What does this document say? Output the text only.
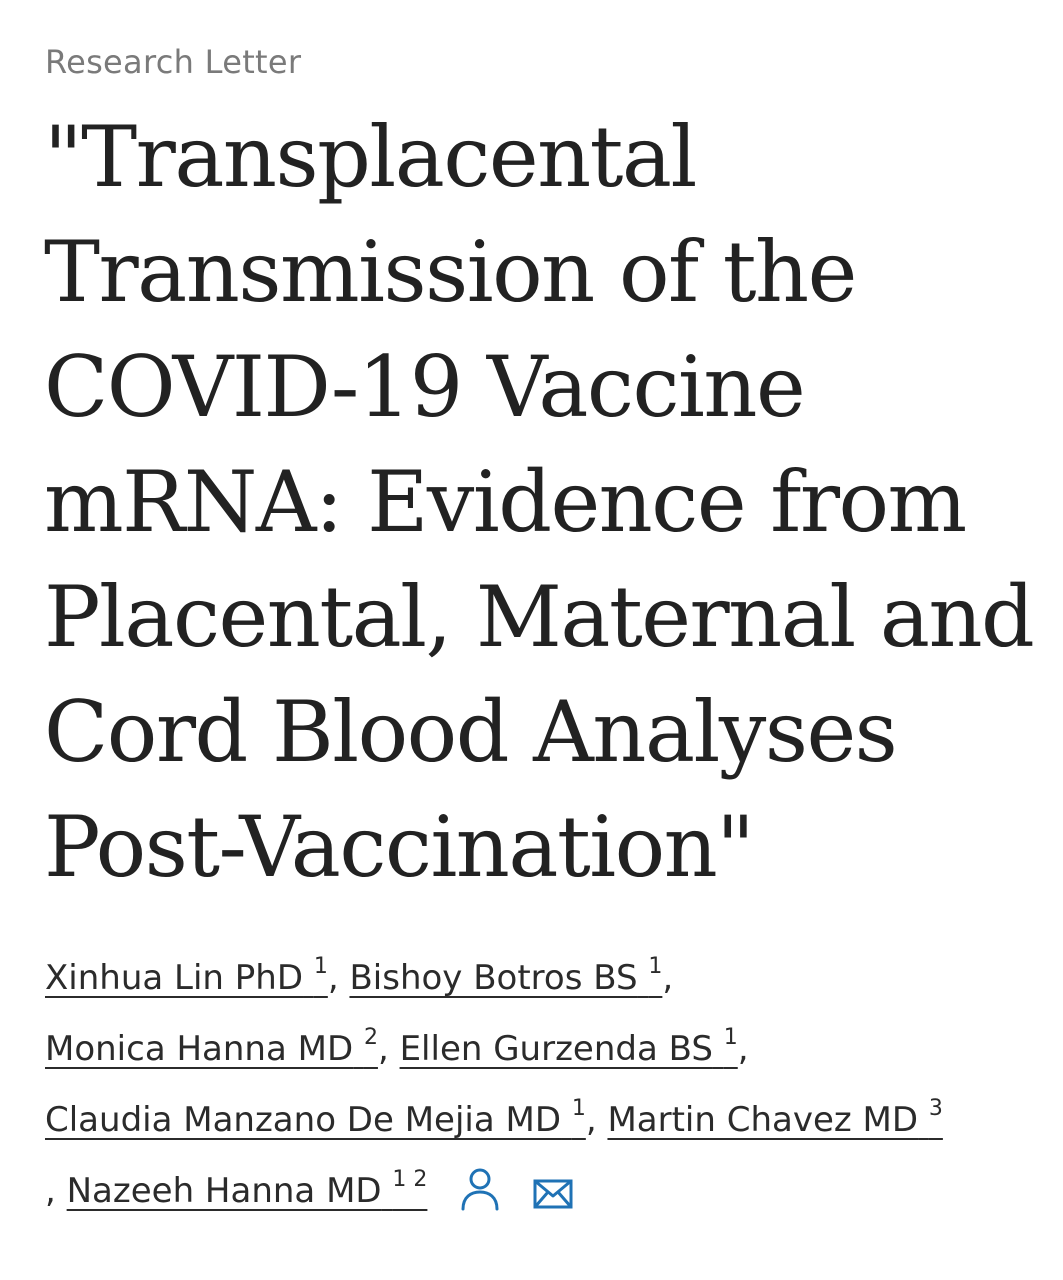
Research Letter
"Transplacental
Transmission of the
COVID-19 Vaccine
mRNA: Evidence from
Placental, Maternal and
Cord Blood Analyses
Post-Vaccination"
Xinhua Lin PhD $^1$, Bishoy Botros BS $^1$,
Monica Hanna MD $^2$, Ellen Gurzenda BS $^1$,
Claudia Manzano De Mejia MD $^1$, Martin Chavez MD $^3$
, Nazeeh Hanna MD $^{1 2}$
